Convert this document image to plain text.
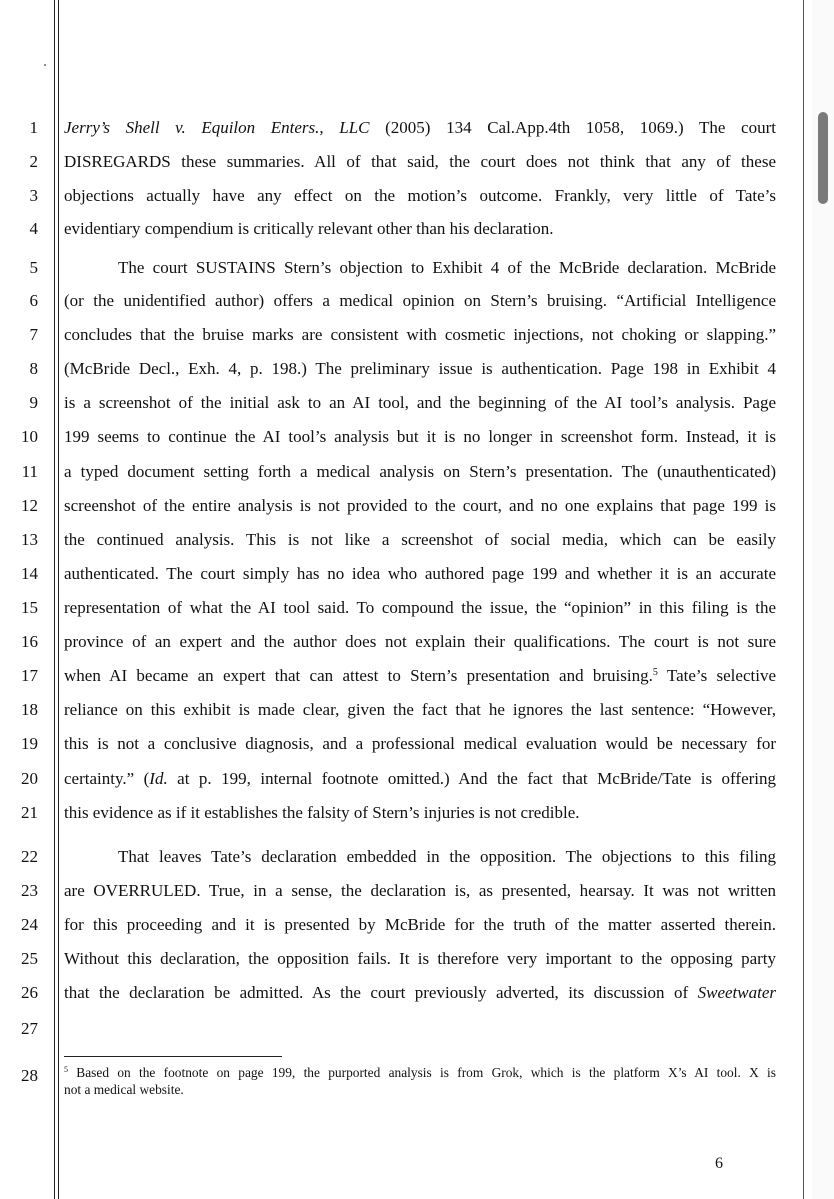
1
2
3
4
5
6
7
8
9
10
11
12
13
14
15
16
17
18
19
20
21
22
23
24
25
26
27
28
Jerry’s Shell v. Equilon Enters., LLC (2005) 134 Cal.App.4th 1058, 1069.) The court
DISREGARDS these summaries. All of that said, the court does not think that any of these
objections actually have any effect on the motion’s outcome. Frankly, very little of Tate’s
evidentiary compendium is critically relevant other than his declaration.
The court SUSTAINS Stern’s objection to Exhibit 4 of the McBride declaration. McBride
(or the unidentified author) offers a medical opinion on Stern’s bruising. “Artificial Intelligence
concludes that the bruise marks are consistent with cosmetic injections, not choking or slapping.”
(McBride Decl., Exh. 4, p. 198.) The preliminary issue is authentication. Page 198 in Exhibit 4
is a screenshot of the initial ask to an AI tool, and the beginning of the AI tool’s analysis. Page
199 seems to continue the AI tool’s analysis but it is no longer in screenshot form. Instead, it is
a typed document setting forth a medical analysis on Stern’s presentation. The (unauthenticated)
screenshot of the entire analysis is not provided to the court, and no one explains that page 199 is
the continued analysis. This is not like a screenshot of social media, which can be easily
authenticated. The court simply has no idea who authored page 199 and whether it is an accurate
representation of what the AI tool said. To compound the issue, the “opinion” in this filing is the
province of an expert and the author does not explain their qualifications. The court is not sure
when AI became an expert that can attest to Stern’s presentation and bruising.$^5$ Tate’s selective
reliance on this exhibit is made clear, given the fact that he ignores the last sentence: “However,
this is not a conclusive diagnosis, and a professional medical evaluation would be necessary for
certainty.” (Id. at p. 199, internal footnote omitted.) And the fact that McBride/Tate is offering
this evidence as if it establishes the falsity of Stern’s injuries is not credible.
That leaves Tate’s declaration embedded in the opposition. The objections to this filing
are OVERRULED. True, in a sense, the declaration is, as presented, hearsay. It was not written
for this proceeding and it is presented by McBride for the truth of the matter asserted therein.
Without this declaration, the opposition fails. It is therefore very important to the opposing party
that the declaration be admitted. As the court previously adverted, its discussion of Sweetwater
$^5$ Based on the footnote on page 199, the purported analysis is from Grok, which is the platform X’s AI tool. X is
not a medical website.
6
